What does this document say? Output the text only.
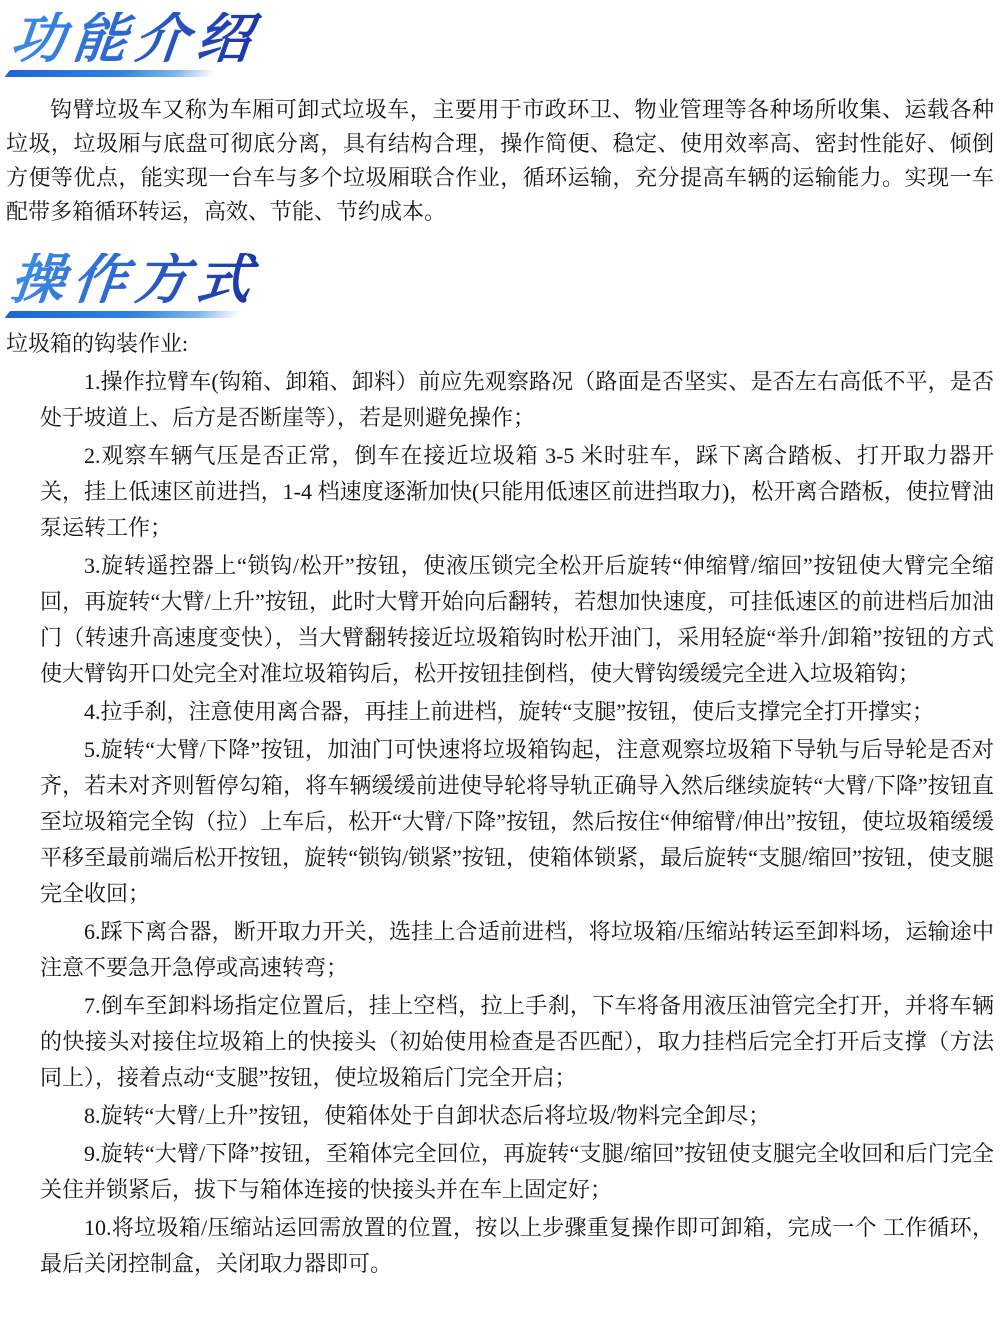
功能介绍

钩臂垃圾车又称为车厢可卸式垃圾车，主要用于市政环卫、物业管理等各种场所收集、运载各种垃圾，垃圾厢与底盘可彻底分离，具有结构合理，操作简便、稳定、使用效率高、密封性能好、倾倒方便等优点，能实现一台车与多个垃圾厢联合作业，循环运输，充分提高车辆的运输能力。实现一车配带多箱循环转运，高效、节能、节约成本。

操作方式

垃圾箱的钩装作业:

1.操作拉臂车(钩箱、卸箱、卸料）前应先观察路况（路面是否坚实、是否左右高低不平，是否处于坡道上、后方是否断崖等），若是则避免操作；

2.观察车辆气压是否正常，倒车在接近垃圾箱 3-5 米时驻车，踩下离合踏板、打开取力器开关，挂上低速区前进挡，1-4 档速度逐渐加快(只能用低速区前进挡取力)，松开离合踏板，使拉臂油泵运转工作；

3.旋转遥控器上“锁钩/松开”按钮，使液压锁完全松开后旋转“伸缩臂/缩回”按钮使大臂完全缩回，再旋转“大臂/上升”按钮，此时大臂开始向后翻转，若想加快速度，可挂低速区的前进档后加油门（转速升高速度变快），当大臂翻转接近垃圾箱钩时松开油门，采用轻旋“举升/卸箱”按钮的方式使大臂钩开口处完全对准垃圾箱钩后，松开按钮挂倒档，使大臂钩缓缓完全进入垃圾箱钩；

4.拉手刹，注意使用离合器，再挂上前进档，旋转“支腿”按钮，使后支撑完全打开撑实；

5.旋转“大臂/下降”按钮，加油门可快速将垃圾箱钩起，注意观察垃圾箱下导轨与后导轮是否对齐，若未对齐则暂停勾箱，将车辆缓缓前进使导轮将导轨正确导入然后继续旋转“大臂/下降”按钮直至垃圾箱完全钩（拉）上车后，松开“大臂/下降”按钮，然后按住“伸缩臂/伸出”按钮，使垃圾箱缓缓平移至最前端后松开按钮，旋转“锁钩/锁紧”按钮，使箱体锁紧，最后旋转“支腿/缩回”按钮，使支腿完全收回；

6.踩下离合器，断开取力开关，选挂上合适前进档，将垃圾箱/压缩站转运至卸料场，运输途中注意不要急开急停或高速转弯；

7.倒车至卸料场指定位置后，挂上空档，拉上手刹，下车将备用液压油管完全打开，并将车辆的快接头对接住垃圾箱上的快接头（初始使用检查是否匹配），取力挂档后完全打开后支撑（方法同上），接着点动“支腿”按钮，使垃圾箱后门完全开启；

8.旋转“大臂/上升”按钮，使箱体处于自卸状态后将垃圾/物料完全卸尽；

9.旋转“大臂/下降”按钮，至箱体完全回位，再旋转“支腿/缩回”按钮使支腿完全收回和后门完全关住并锁紧后，拔下与箱体连接的快接头并在车上固定好；

10.将垃圾箱/压缩站运回需放置的位置，按以上步骤重复操作即可卸箱，完成一个 工作循环，最后关闭控制盒，关闭取力器即可。
